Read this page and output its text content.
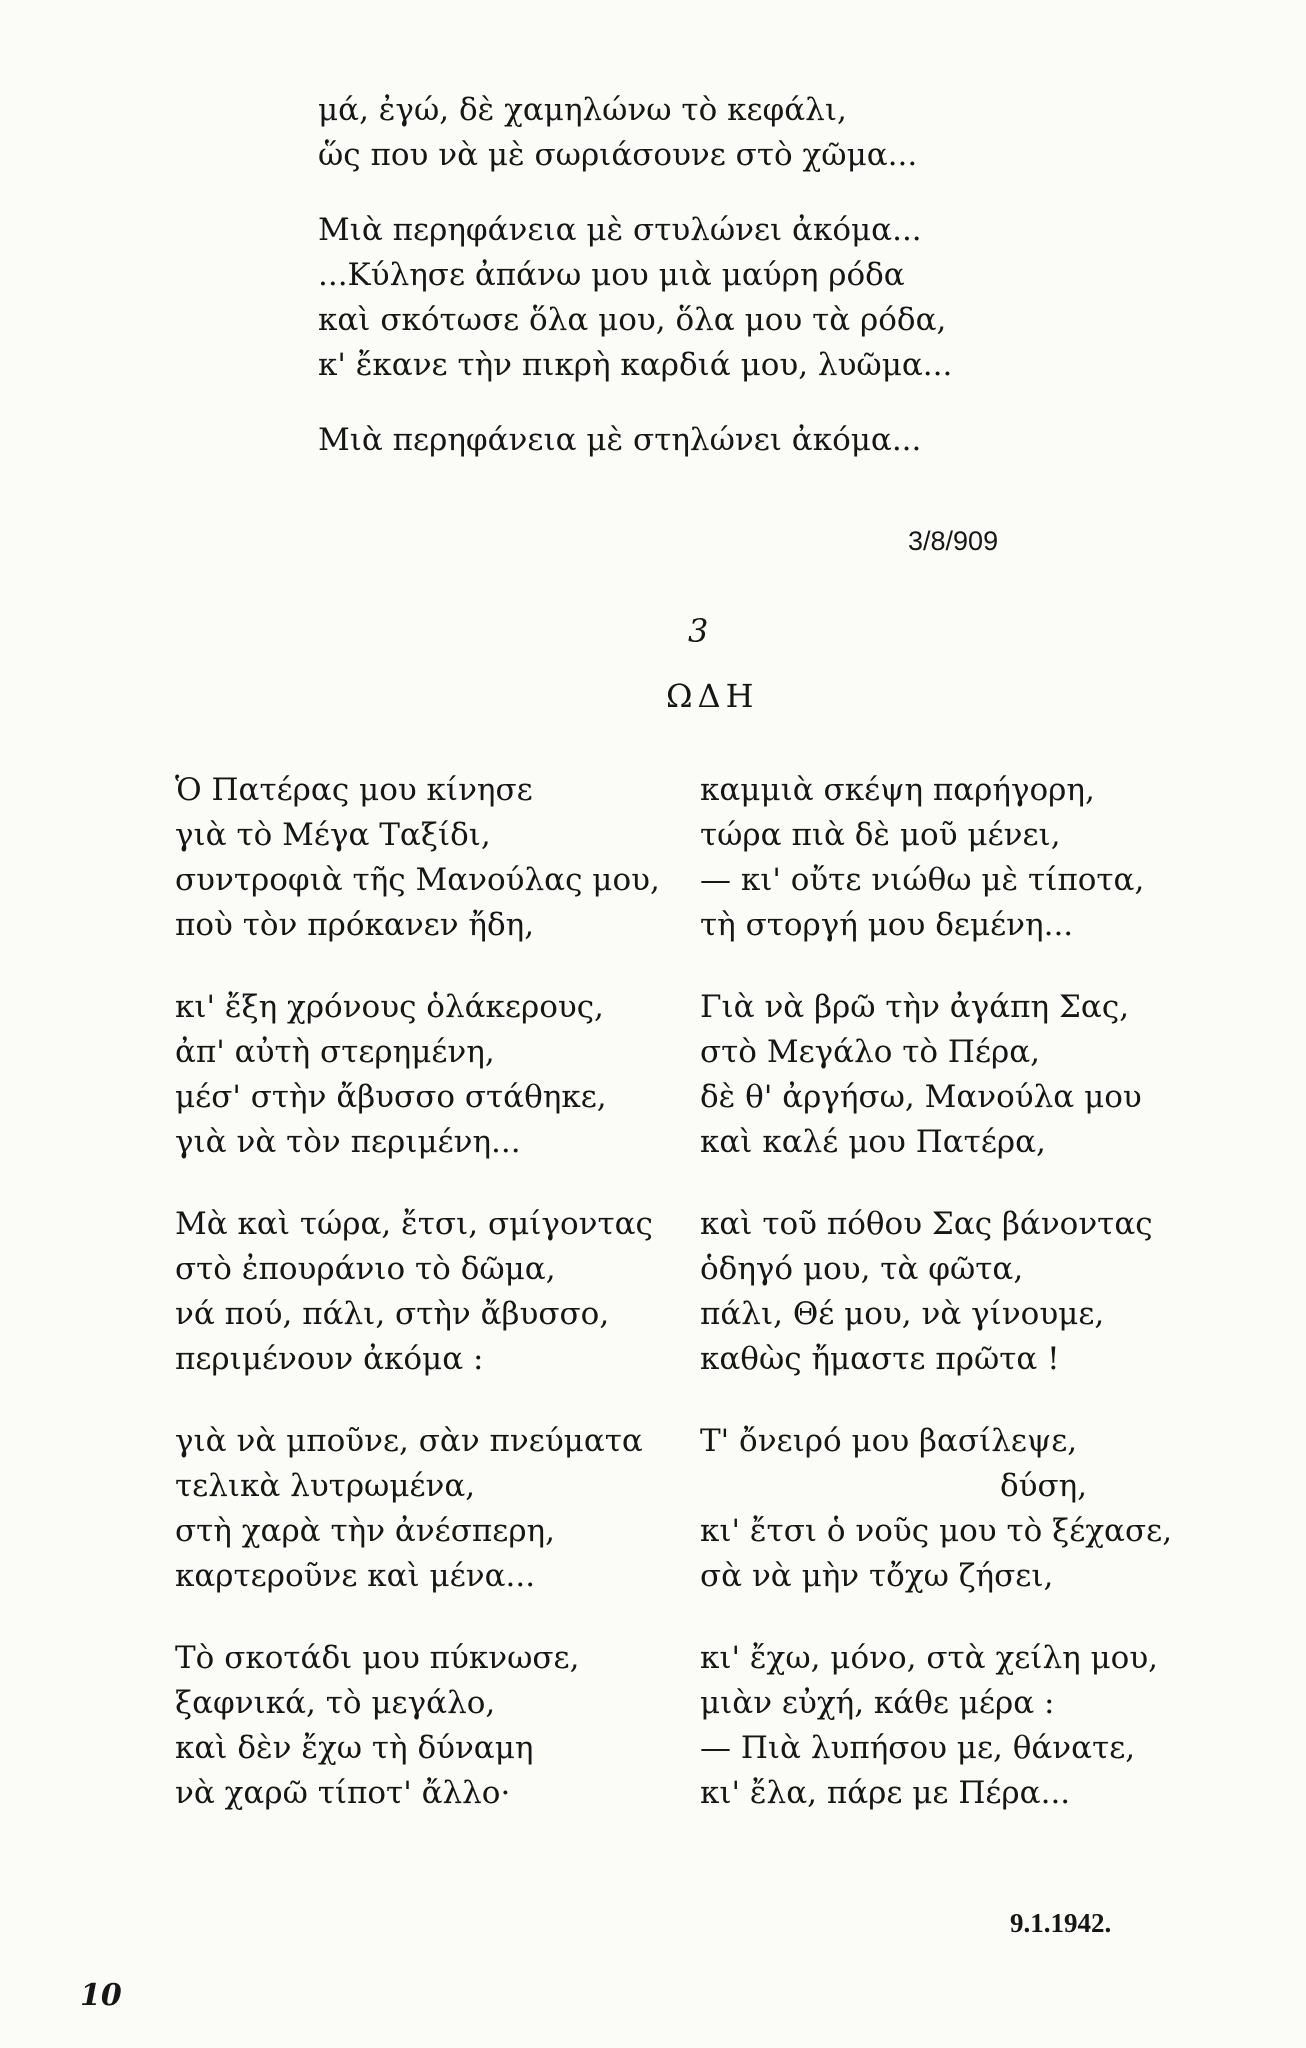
μά, ἐγώ, δὲ χαμηλώνω τὸ κεφάλι,
ὥς που νὰ μὲ σωριάσουνε στὸ χῶμα...
Μιὰ περηφάνεια μὲ στυλώνει ἀκόμα...
...Κύλησε ἀπάνω μου μιὰ μαύρη ρόδα
καὶ σκότωσε ὅλα μου, ὅλα μου τὰ ρόδα,
κ' ἔκανε τὴν πικρὴ καρδιά μου, λυῶμα...
Μιὰ περηφάνεια μὲ στηλώνει ἀκόμα...
3/8/909
3
ΩΔΗ
Ὁ Πατέρας μου κίνησε
γιὰ τὸ Μέγα Ταξίδι,
συντροφιὰ τῆς Μανούλας μου,
ποὺ τὸν πρόκανεν ἤδη,
κι' ἔξη χρόνους ὁλάκερους,
ἀπ' αὐτὴ στερημένη,
μέσ' στὴν ἄβυσσο στάθηκε,
γιὰ νὰ τὸν περιμένη...
Μὰ καὶ τώρα, ἔτσι, σμίγοντας
στὸ ἐπουράνιο τὸ δῶμα,
νά πού, πάλι, στὴν ἄβυσσο,
περιμένουν ἀκόμα :
γιὰ νὰ μποῦνε, σὰν πνεύματα
τελικὰ λυτρωμένα,
στὴ χαρὰ τὴν ἀνέσπερη,
καρτεροῦνε καὶ μένα...
Τὸ σκοτάδι μου πύκνωσε,
ξαφνικά, τὸ μεγάλο,
καὶ δὲν ἔχω τὴ δύναμη
νὰ χαρῶ τίποτ' ἄλλο·
καμμιὰ σκέψη παρήγορη,
τώρα πιὰ δὲ μοῦ μένει,
— κι' οὔτε νιώθω μὲ τίποτα,
τὴ στοργή μου δεμένη...
Γιὰ νὰ βρῶ τὴν ἀγάπη Σας,
στὸ Μεγάλο τὸ Πέρα,
δὲ θ' ἀργήσω, Μανούλα μου
καὶ καλέ μου Πατέρα,
καὶ τοῦ πόθου Σας βάνοντας
ὁδηγό μου, τὰ φῶτα,
πάλι, Θέ μου, νὰ γίνουμε,
καθὼς ἤμαστε πρῶτα !
Τ' ὄνειρό μου βασίλεψε,
δύση,
κι' ἔτσι ὁ νοῦς μου τὸ ξέχασε,
σὰ νὰ μὴν τὄχω ζήσει,
κι' ἔχω, μόνο, στὰ χείλη μου,
μιὰν εὐχή, κάθε μέρα :
— Πιὰ λυπήσου με, θάνατε,
κι' ἔλα, πάρε με Πέρα...
9.1.1942.
10
